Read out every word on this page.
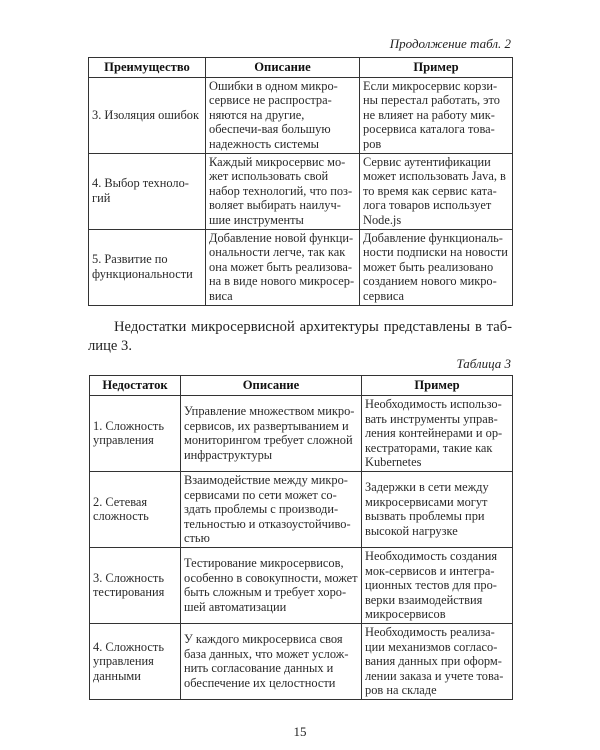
Продолжение табл. 2
Преимущество	Описание	Пример
3. Изоляция ошибок	Ошибки в одном микро-сервисе не распростра-няются на другие, обеспечи-вая большую надежность системы	Если микросервис корзи-ны перестал работать, это не влияет на работу мик-росервиса каталога това-ров
4. Выбор техноло-гий	Каждый микросервис мо-жет использовать свой набор технологий, что поз-воляет выбирать наилуч-шие инструменты	Сервис аутентификации может использовать Java, в то время как сервис ката-лога товаров использует Node.js
5. Развитие по функциональности	Добавление новой функци-ональности легче, так как она может быть реализова-на в виде нового микросер-виса	Добавление функциональ-ности подписки на новости может быть реализовано созданием нового микро-сервиса
Недостатки микросервисной архитектуры представлены в таб-лице 3.
Таблица 3
Недостаток	Описание	Пример
1. Сложность управления	Управление множеством микро-сервисов, их развертыванием и мониторингом требует сложной инфраструктуры	Необходимость использо-вать инструменты управ-ления контейнерами и ор-кестраторами, такие как Kubernetes
2. Сетевая сложность	Взаимодействие между микро-сервисами по сети может со-здать проблемы с производи-тельностью и отказоустойчиво-стью	Задержки в сети между микросервисами могут вызвать проблемы при высокой нагрузке
3. Сложность тестирования	Тестирование микросервисов, особенно в совокупности, может быть сложным и требует хоро-шей автоматизации	Необходимость создания мок-сервисов и интегра-ционных тестов для про-верки взаимодействия микросервисов
4. Сложность управления данными	У каждого микросервиса своя база данных, что может услож-нить согласование данных и обеспечение их целостности	Необходимость реализа-ции механизмов согласо-вания данных при оформ-лении заказа и учете това-ров на складе
15
